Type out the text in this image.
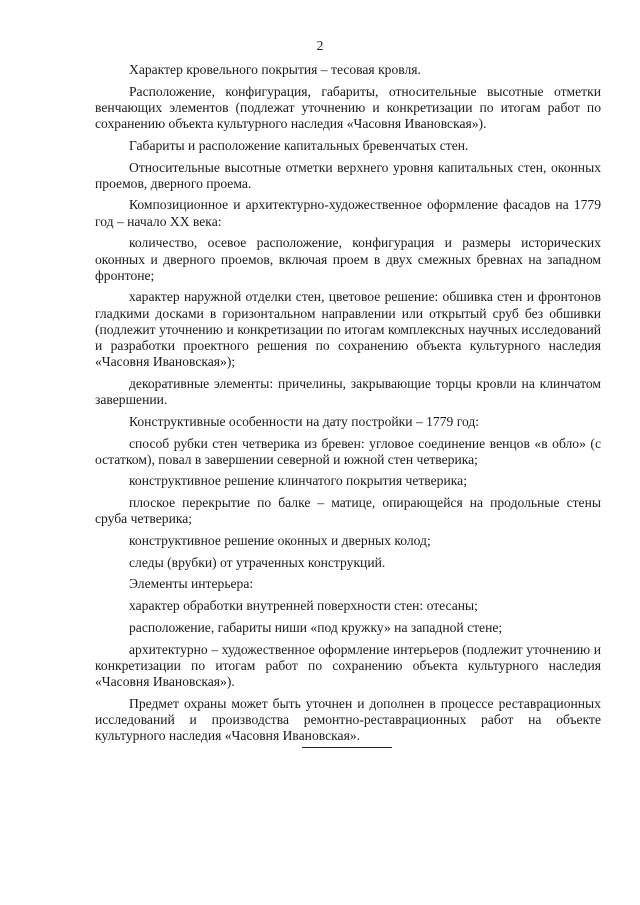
2

Характер кровельного покрытия – тесовая кровля.

Расположение, конфигурация, габариты, относительные высотные отметки венчающих элементов (подлежат уточнению и конкретизации по итогам работ по сохранению объекта культурного наследия «Часовня Ивановская»).

Габариты и расположение капитальных бревенчатых стен.

Относительные высотные отметки верхнего уровня капитальных стен, оконных проемов, дверного проема.

Композиционное и архитектурно-художественное оформление фасадов на 1779 год – начало XX века:

количество, осевое расположение, конфигурация и размеры исторических оконных и дверного проемов, включая проем в двух смежных бревнах на западном фронтоне;

характер наружной отделки стен, цветовое решение: обшивка стен и фронтонов гладкими досками в горизонтальном направлении или открытый сруб без обшивки (подлежит уточнению и конкретизации по итогам комплексных научных исследований и разработки проектного решения по сохранению объекта культурного наследия «Часовня Ивановская»);

декоративные элементы: причелины, закрывающие торцы кровли на клинчатом завершении.

Конструктивные особенности на дату постройки – 1779 год:

способ рубки стен четверика из бревен: угловое соединение венцов «в обло» (с остатком), повал в завершении северной и южной стен четверика;

конструктивное решение клинчатого покрытия четверика;

плоское перекрытие по балке – матице, опирающейся на продольные стены сруба четверика;

конструктивное решение оконных и дверных колод;

следы (врубки) от утраченных конструкций.

Элементы интерьера:

характер обработки внутренней поверхности стен: отесаны;

расположение, габариты ниши «под кружку» на западной стене;

архитектурно – художественное оформление интерьеров (подлежит уточнению и конкретизации по итогам работ по сохранению объекта культурного наследия «Часовня Ивановская»).

Предмет охраны может быть уточнен и дополнен в процессе реставрационных исследований и производства ремонтно-реставрационных работ на объекте культурного наследия «Часовня Ивановская».
